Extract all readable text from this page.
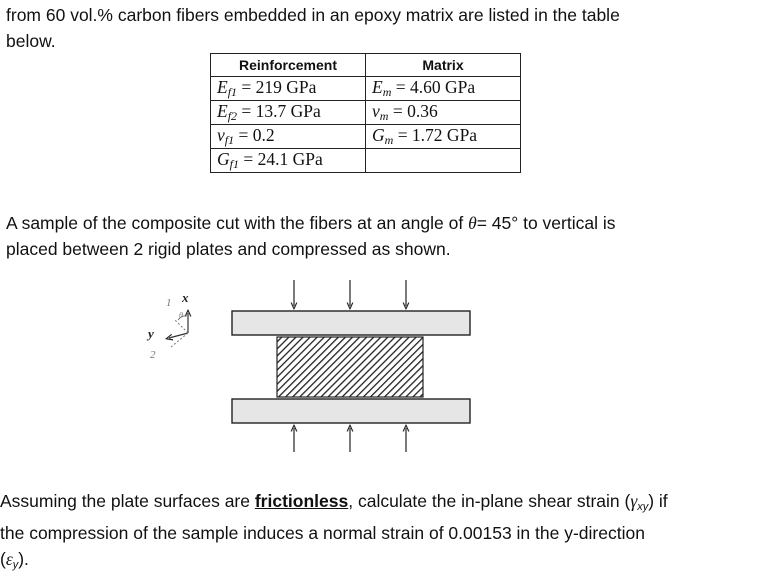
from 60 vol.% carbon fibers embedded in an epoxy matrix are listed in the table
below.

Reinforcement	Matrix
Ef1 = 219 GPa	Em = 4.60 GPa
Ef2 = 13.7 GPa	νm = 0.36
νf1 = 0.2	Gm = 1.72 GPa
Gf1 = 24.1 GPa	

A sample of the composite cut with the fibers at an angle of θ= 45° to vertical is
placed between 2 rigid plates and compressed as shown.

1 x
θ
y
2

Assuming the plate surfaces are frictionless, calculate the in-plane shear strain $(\gamma_{xy})$ if
the compression of the sample induces a normal strain of 0.00153 in the y-direction
$(\varepsilon_y)$.
